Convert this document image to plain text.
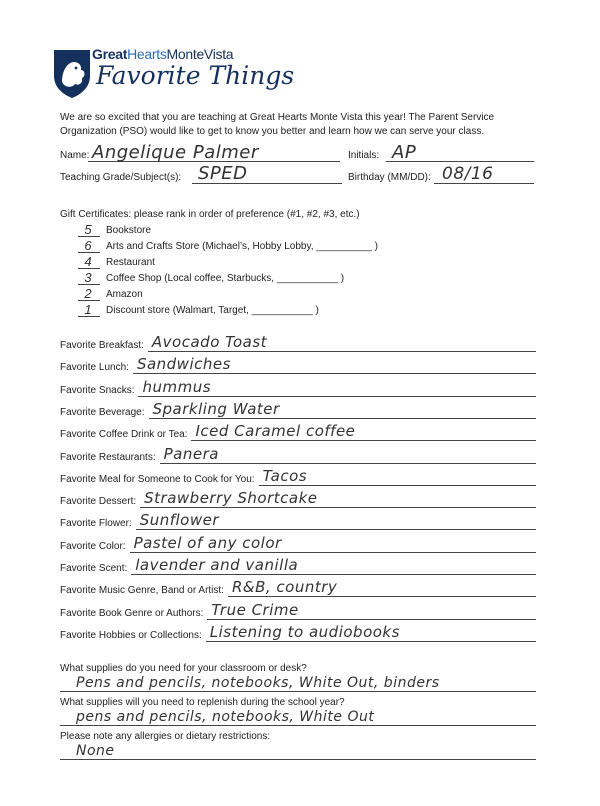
GreatHeartsMonteVista
Favorite Things
We are so excited that you are teaching at Great Hearts Monte Vista this year! The Parent Service Organization (PSO) would like to get to know you better and learn how we can serve your class.
Name: Angelique Palmer	Initials: AP
Teaching Grade/Subject(s): SPED	Birthday (MM/DD): 08/16
Gift Certificates: please rank in order of preference (#1, #2, #3, etc.)
5	Bookstore
6	Arts and Crafts Store (Michael’s, Hobby Lobby, __________ )
4	Restaurant
3	Coffee Shop (Local coffee, Starbucks, ___________ )
2	Amazon
1	Discount store (Walmart, Target, ___________ )
Favorite Breakfast: Avocado Toast
Favorite Lunch: Sandwiches
Favorite Snacks: hummus
Favorite Beverage: Sparkling Water
Favorite Coffee Drink or Tea: Iced Caramel coffee
Favorite Restaurants: Panera
Favorite Meal for Someone to Cook for You: Tacos
Favorite Dessert: Strawberry Shortcake
Favorite Flower: Sunflower
Favorite Color: Pastel of any color
Favorite Scent: lavender and vanilla
Favorite Music Genre, Band or Artist: R&B, country
Favorite Book Genre or Authors: True Crime
Favorite Hobbies or Collections: Listening to audiobooks
What supplies do you need for your classroom or desk?
Pens and pencils, notebooks, White Out, binders
What supplies will you need to replenish during the school year?
pens and pencils, notebooks, White Out
Please note any allergies or dietary restrictions:
None
